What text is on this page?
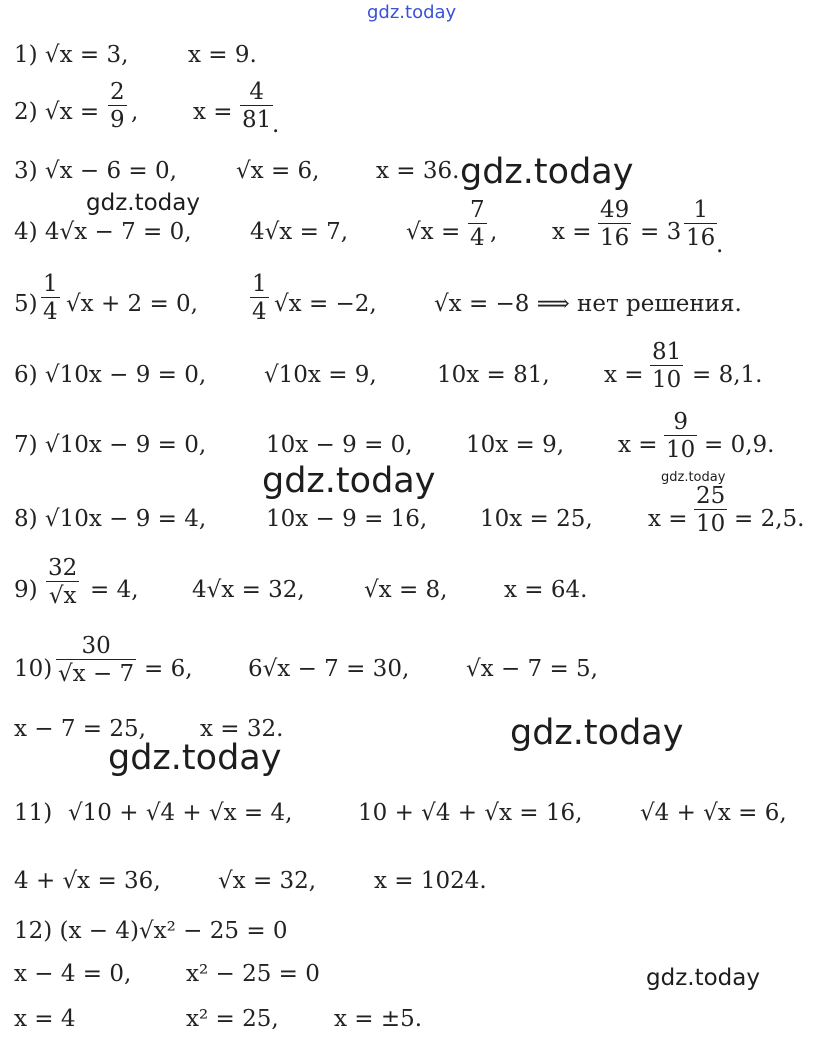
gdz.today
gdz.today
gdz.today
gdz.today	gdz.today
gdz.today
gdz.today
gdz.today
1) √x = 3,	x = 9.
2) √x =
2
9 , x =
4
81 .
3) √x − 6 = 0,	√x = 6, x = 36.
4) 4√x − 7 = 0,	4√x = 7,	√x =
7
4 , x =
49
16 = 3
1
16 .
5)
1
4 √x + 2 = 0,
1
4 √x = −2, √x = −8 ⟹ нет решения.
6) √10x − 9 = 0,	√10x = 9,	10x = 81, x =
81
10 = 8,1.
7) √10x − 9 = 0,	10x − 9 = 0, 10x = 9, x =
9
10 = 0,9.
8) √10x − 9 = 4,	10x − 9 = 16, 10x = 25, x =
25
10 = 2,5.
9)
32
√x = 4, 4√x = 32,	√x = 8, x = 64.
10)
30
√x − 7 = 6, 6√x − 7 = 30, √x − 7 = 5,
x − 7 = 25, x = 32.
11) √10 + √4 + √x = 4,	10 + √4 + √x = 16,	√4 + √x = 6,
4 + √x = 36, √x = 32,	x = 1024.
12) (x − 4)√x² − 25 = 0
x − 4 = 0, x² − 25 = 0
x = 4	x² = 25, x = ±5.
